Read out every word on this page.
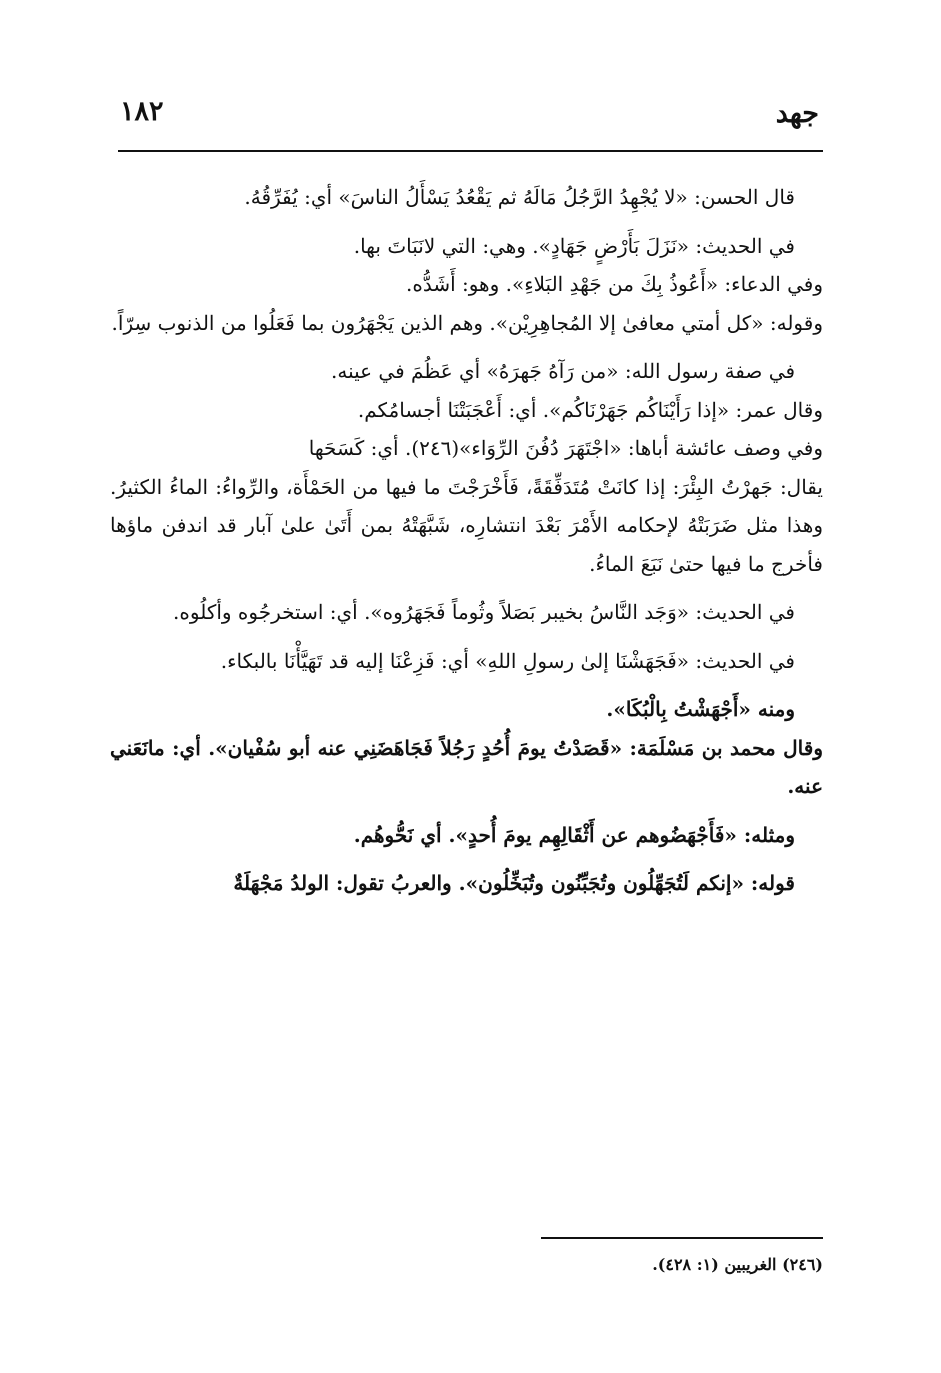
جهد
١٨٢

قال الحسن: «لا يُجْهِدُ الرَّجُلُ مَالَهُ ثم يَقْعُدُ يَسْأَلُ الناسَ» أي: يُفَرِّقُهُ.

في الحديث: «نَزَلَ بَأَرْضٍ جَهَادٍ». وهي: التي لانَبَاتَ بها.

وفي الدعاء: «أَعُوذُ بِكَ من جَهْدِ البَلاءِ». وهو: أَشَدُّه.

وقوله: «كل أمتي معافىٰ إلا المُجاهِرِيْن». وهم الذين يَجْهَرُون بما فَعَلُوا من الذنوب سِرّاً.

في صفة رسول الله: «من رَآهُ جَهرَهُ» أي عَظُمَ في عينه.

وقال عمر: «إذا رَأَيْنَاكُم جَهَرْنَاكُم». أي: أَعْجَبَتْنَا أجسامُكم.

وفي وصف عائشة أباها: «اجْتَهَرَ دُفُنَ الرِّوَاء»(٢٤٦). أي: كَسَحَها

يقال: جَهرْتُ البِئْرَ: إذا كانَتْ مُتَدَفِّقَةً، فَأَخْرَجْتَ ما فيها من الحَمْأَة، والرِّواءُ: الماءُ الكثيرُ. وهذا مثل ضَرَبَتْهُ لإحكامه الأَمْرَ بَعْدَ انتشارِه، شَبَّهَتْهُ بمن أَتَىٰ علىٰ آبار قد اندفن ماؤها فأخرج ما فيها حتىٰ نَبَعَ الماءُ.

في الحديث: «وَجَد النَّاسُ بخيبر بَصَلاً وثُوماً فَجَهَرُوه». أي: استخرجُوه وأكلُوه.

في الحديث: «فَجَهَشْنَا إلىٰ رسولِ اللهِ» أي: فَزِعْنَا إليه قد تَهَيَّأْنَا بالبكاء.

ومنه «أَجْهَشْتُ بِالْبُكَا».

وقال محمد بن مَسْلَمَة: «قَصَدْتُ يومَ أُحُدٍ رَجُلاً فَجَاهَضَنِي عنه أبو سُفْيان». أي: مانَعَني عنه.

ومثله: «فَأَجْهَضُوهم عن أَثْقَالِهِم يومَ أُحدٍ». أي نَحُّوهُم.

قوله: «إنكم لَتُجَهِّلُون وتُجَبِّنُون وتُبَخِّلُون». والعربُ تقول: الولدُ مَجْهَلَةٌ

(٢٤٦) الغريبين (١: ٤٢٨).
